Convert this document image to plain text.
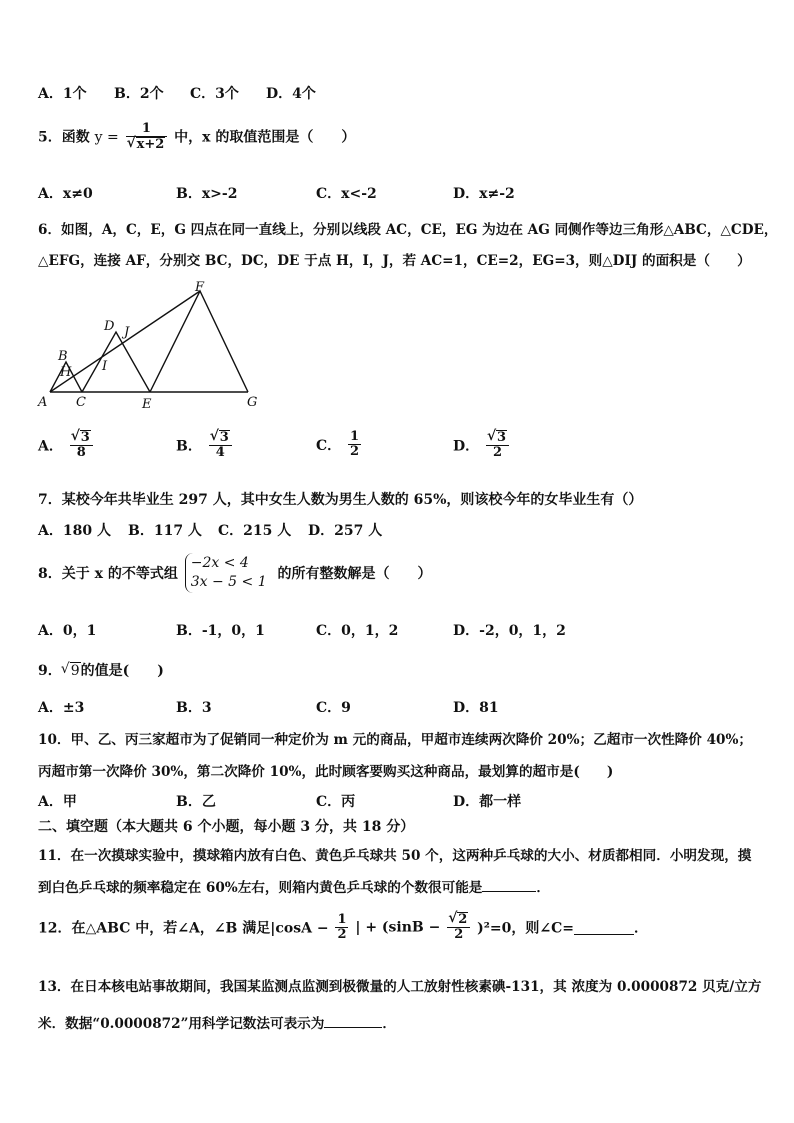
A．1个 B．2个 C．3个 D．4个
5．函数 y = 1
√ x+2 中，x 的取值范围是（　　）
A．x≠0	B．x>-2	C．x<-2	D．x≠-2
6．如图，A，C，E，G 四点在同一直线上，分别以线段 AC，CE，EG 为边在 AG 同侧作等边三角形△ABC，△CDE，
△EFG，连接 AF，分别交 BC，DC，DE 于点 H，I，J，若 AC=1，CE=2，EG=3，则△DIJ 的面积是（　　）
A
B
C
D
E
F
G
H I
J
A． √ $\frac{3}{8}$	B． √ $\frac{3}{4}$	C． $\frac{1}{2}$	D． √ $\frac{3}{2}$
7．某校今年共毕业生 297 人，其中女生人数为男生人数的 65%，则该校今年的女毕业生有（）
A．180 人 B．117 人 C．215 人 D．257 人
8．关于 x 的不等式组
−2x < 4
3x − 5 < 1 的所有整数解是（　　）
A．0，1	B．-1，0，1	C．0，1，2	D．-2，0，1，2
9． √ 9的值是(　　)
A．±3	B．3	C．9	D．81
10．甲、乙、丙三家超市为了促销同一种定价为 m 元的商品，甲超市连续两次降价 20%；乙超市一次性降价 40%；
丙超市第一次降价 30%，第二次降价 10%，此时顾客要购买这种商品，最划算的超市是(　　)
A．甲	B．乙	C．丙	D．都一样
二、填空题（本大题共 6 个小题，每小题 3 分，共 18 分）
11．在一次摸球实验中，摸球箱内放有白色、黄色乒乓球共 50 个，这两种乒乓球的大小、材质都相同．小明发现，摸
到白色乒乓球的频率稳定在 60%左右，则箱内黄色乒乓球的个数很可能是	．
12．在△ABC 中，若∠A，∠B 满足$|\cos A - \frac{1}{2}$ | + (sinB − √ $\frac{2}{2} )^2=0$，则∠C=	．
13．在日本核电站事故期间，我国某监测点监测到极微量的人工放射性核素碘-131，其 浓度为 0.0000872 贝克/立方
米．数据“0.0000872”用科学记数法可表示为	．
